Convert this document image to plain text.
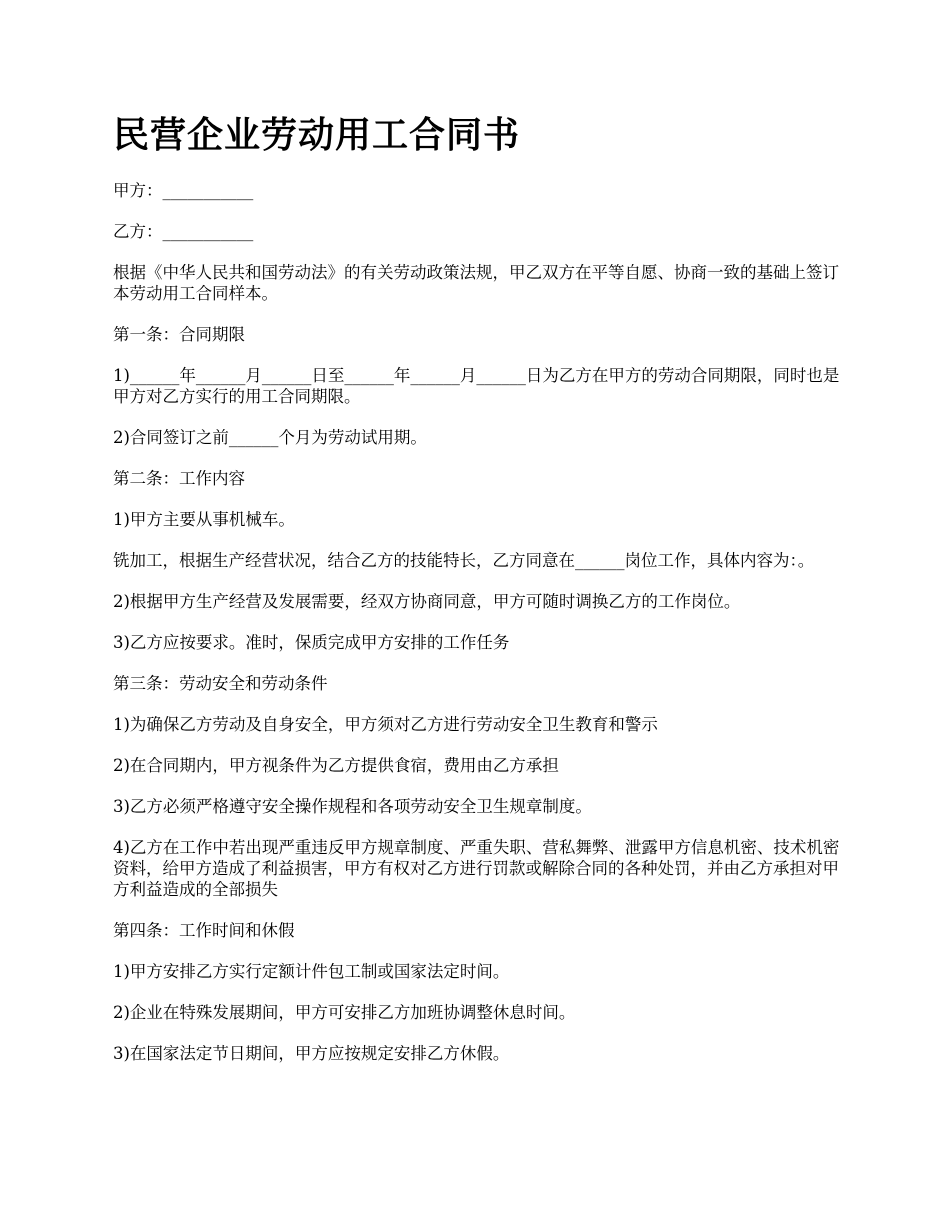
民营企业劳动用工合同书

甲方：___________

乙方：___________

根据《中华人民共和国劳动法》的有关劳动政策法规，甲乙双方在平等自愿、协商一致的基础上签订本劳动用工合同样本。

第一条：合同期限

1)______年______月______日至______年______月______日为乙方在甲方的劳动合同期限，同时也是甲方对乙方实行的用工合同期限。

2)合同签订之前______个月为劳动试用期。

第二条：工作内容

1)甲方主要从事机械车。

铣加工，根据生产经营状况，结合乙方的技能特长，乙方同意在______岗位工作，具体内容为：。

2)根据甲方生产经营及发展需要，经双方协商同意，甲方可随时调换乙方的工作岗位。

3)乙方应按要求。准时，保质完成甲方安排的工作任务

第三条：劳动安全和劳动条件

1)为确保乙方劳动及自身安全，甲方须对乙方进行劳动安全卫生教育和警示

2)在合同期内，甲方视条件为乙方提供食宿，费用由乙方承担

3)乙方必须严格遵守安全操作规程和各项劳动安全卫生规章制度。

4)乙方在工作中若出现严重违反甲方规章制度、严重失职、营私舞弊、泄露甲方信息机密、技术机密资料，给甲方造成了利益损害，甲方有权对乙方进行罚款或解除合同的各种处罚，并由乙方承担对甲方利益造成的全部损失

第四条：工作时间和休假

1)甲方安排乙方实行定额计件包工制或国家法定时间。

2)企业在特殊发展期间，甲方可安排乙方加班协调整休息时间。

3)在国家法定节日期间，甲方应按规定安排乙方休假。
